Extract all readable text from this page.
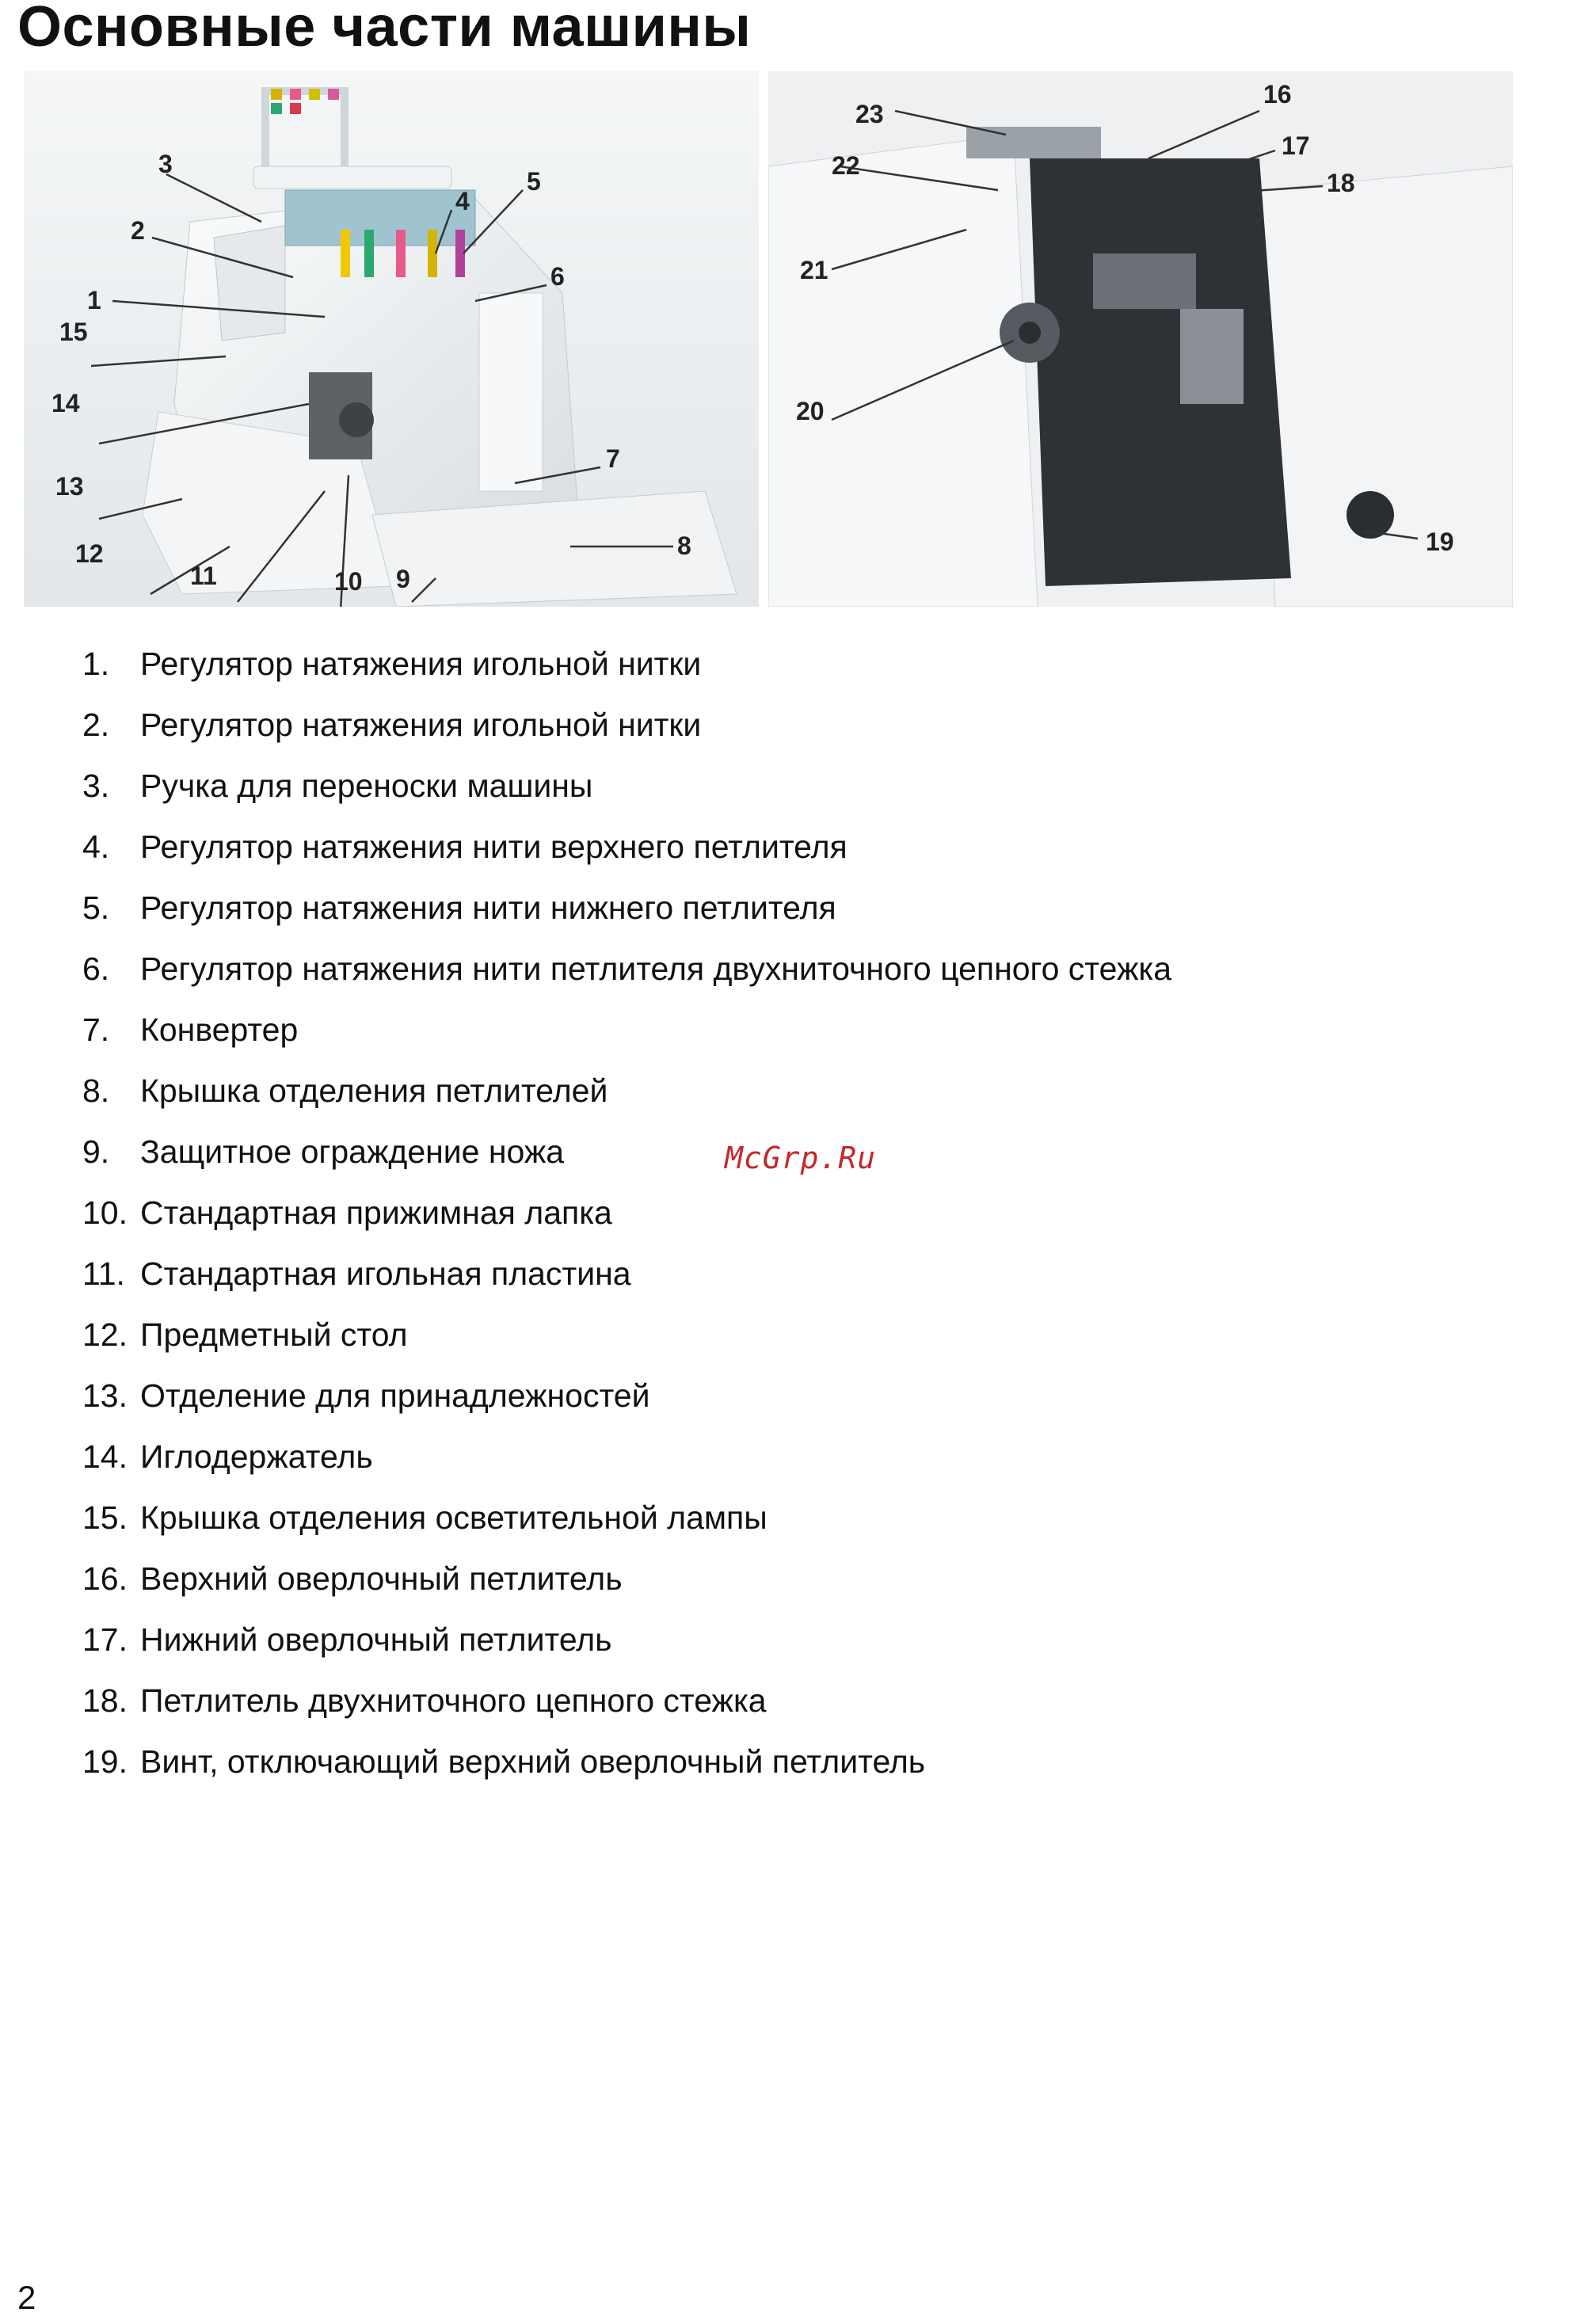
Основные части машины
1
2
3
4
5
6
7
8
9
10
11
12
13
14
15
16
17
18
19
20
21
22
23
1. Регулятор натяжения игольной нитки
2. Регулятор натяжения игольной нитки
3. Ручка для переноски машины
4. Регулятор натяжения нити верхнего петлителя
5. Регулятор натяжения нити нижнего петлителя
6. Регулятор натяжения нити петлителя двухниточного цепного стежка
7. Конвертер
8. Крышка отделения петлителей
9. Защитное ограждение ножа
10. Стандартная прижимная лапка
11. Стандартная игольная пластина
12. Предметный стол
13. Отделение для принадлежностей
14. Иглодержатель
15. Крышка отделения осветительной лампы
16. Верхний оверлочный петлитель
17. Нижний оверлочный петлитель
18. Петлитель двухниточного цепного стежка
19. Винт, отключающий верхний оверлочный петлитель
McGrp.Ru
2
